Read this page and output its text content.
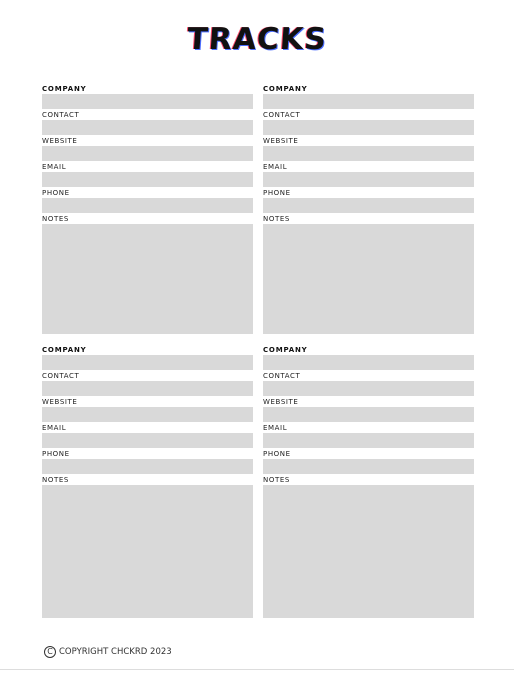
TRACKS
COMPANY
CONTACT
WEBSITE
EMAIL
PHONE
NOTES
COMPANY
CONTACT
WEBSITE
EMAIL
PHONE
NOTES
COMPANY
CONTACT
WEBSITE
EMAIL
PHONE
NOTES
COMPANY
CONTACT
WEBSITE
EMAIL
PHONE
NOTES
C COPYRIGHT CHCKRD 2023
